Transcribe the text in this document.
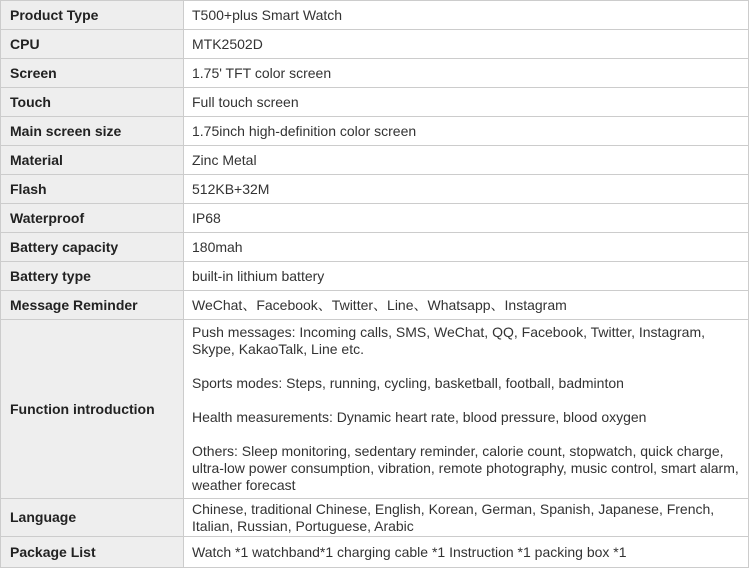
Product Type	T500+plus Smart Watch
CPU	MTK2502D
Screen	1.75' TFT color screen
Touch	Full touch screen
Main screen size	1.75inch high-definition color screen
Material	Zinc Metal
Flash	512KB+32M
Waterproof	IP68
Battery capacity	180mah
Battery type	built-in lithium battery
Message Reminder	WeChat、Facebook、Twitter、Line、Whatsapp、Instagram
Function introduction	Push messages: Incoming calls, SMS, WeChat, QQ, Facebook, Twitter, Instagram, Skype, KakaoTalk, Line etc.
Sports modes: Steps, running, cycling, basketball, football, badminton
Health measurements: Dynamic heart rate, blood pressure, blood oxygen
Others: Sleep monitoring, sedentary reminder, calorie count, stopwatch, quick charge, ultra-low power consumption, vibration, remote photography, music control, smart alarm, weather forecast

Language	Chinese, traditional Chinese, English, Korean, German, Spanish, Japanese, French, Italian, Russian, Portuguese, Arabic
Package List	Watch *1 watchband*1 charging cable *1 Instruction *1 packing box *1
